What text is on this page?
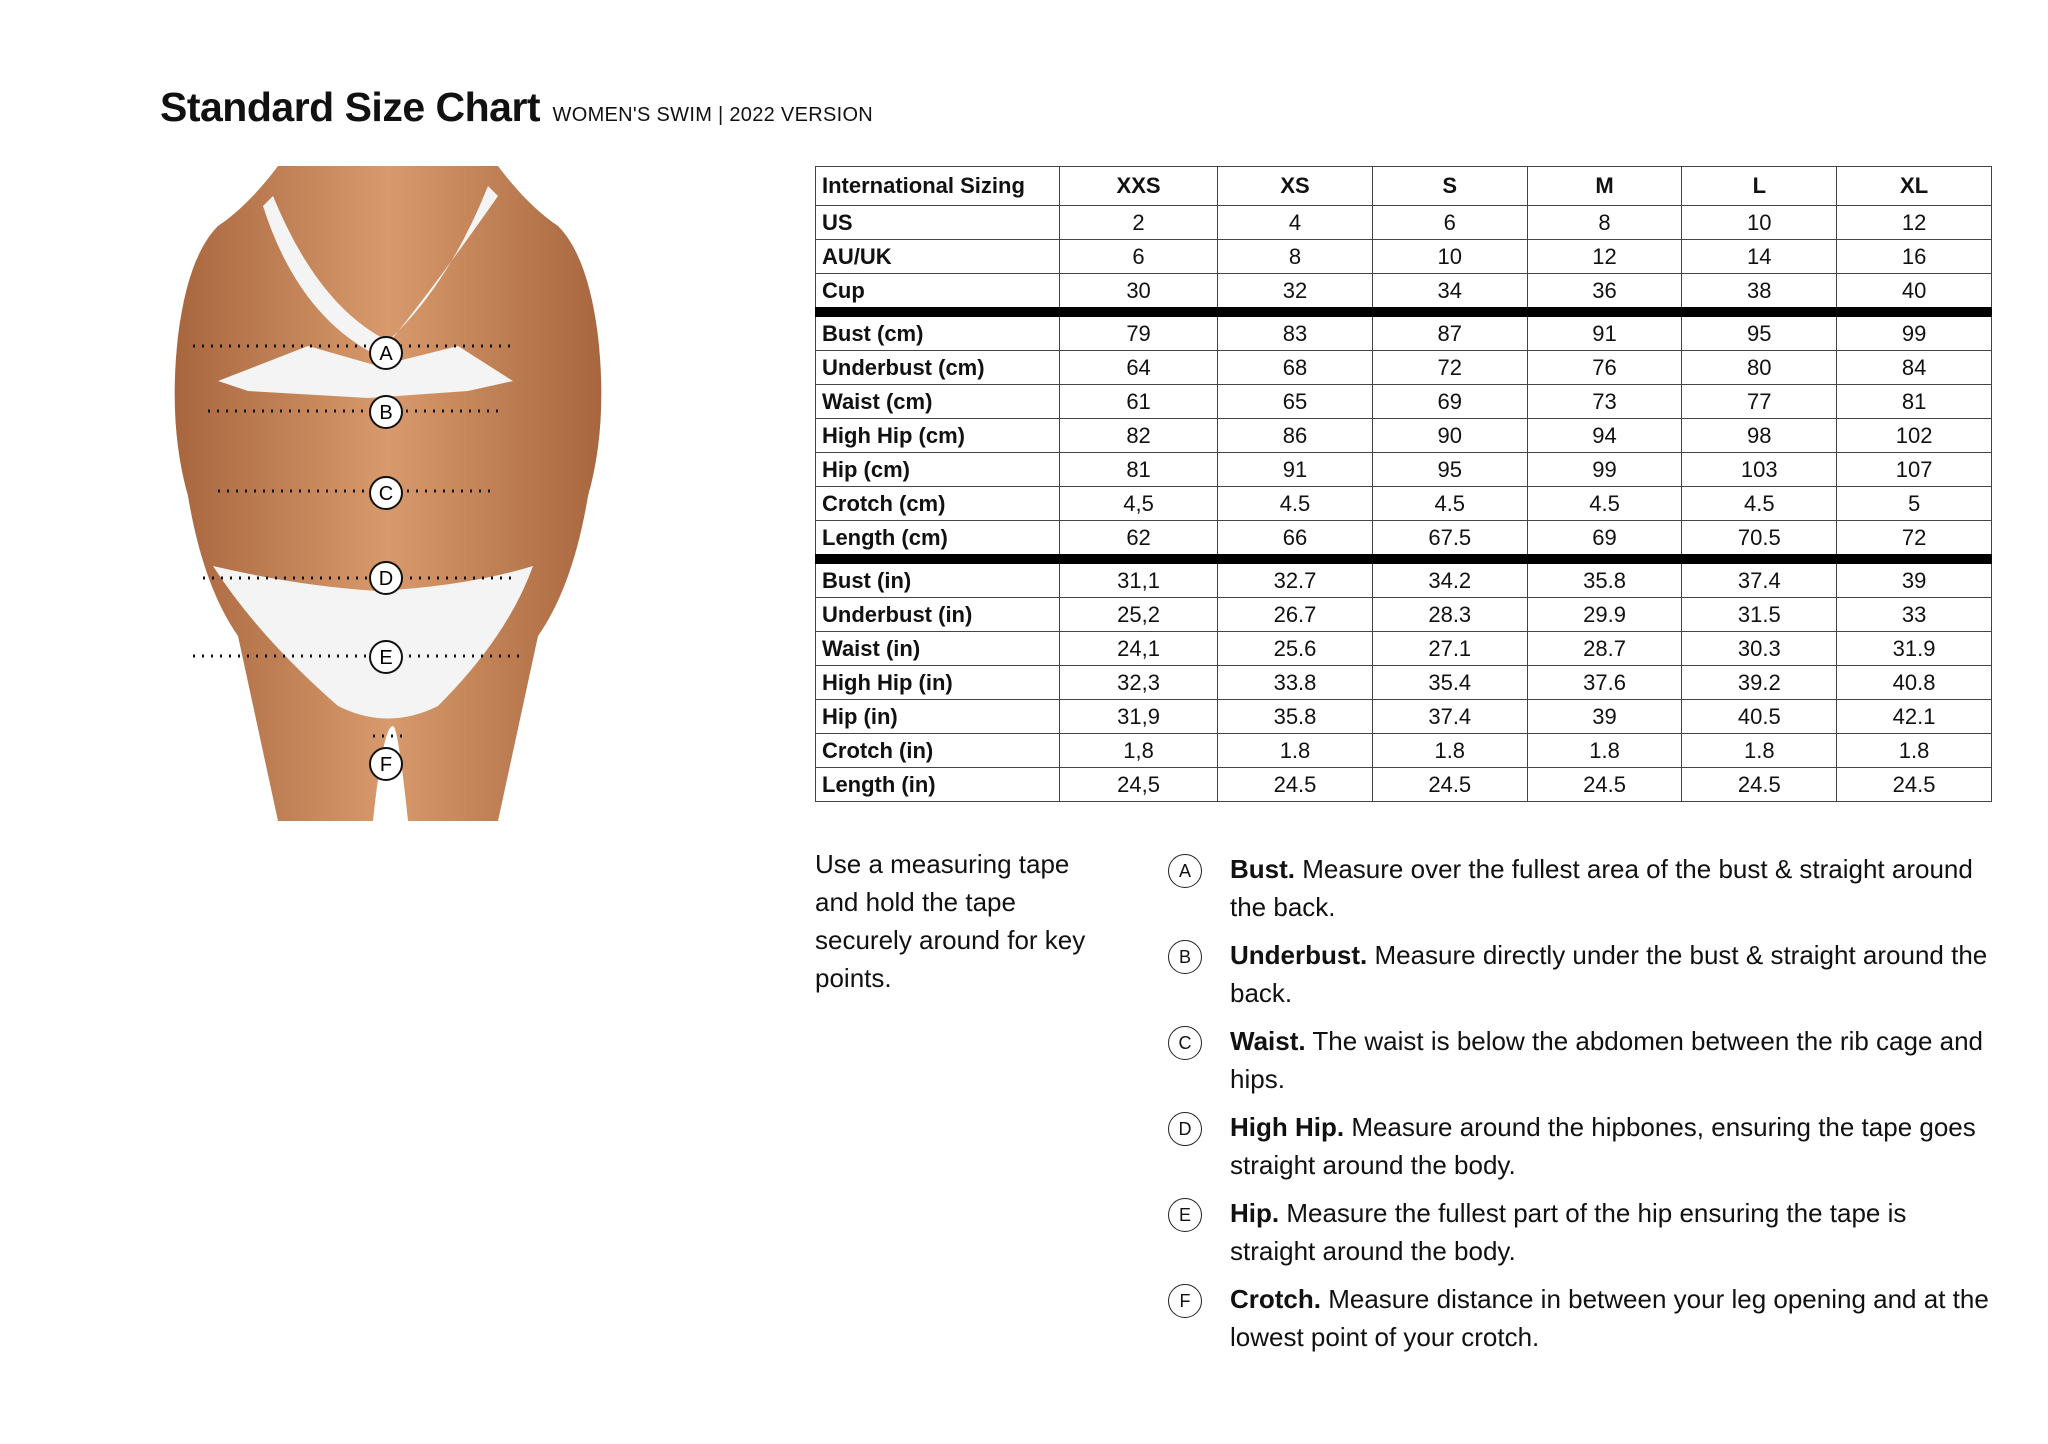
Standard Size Chart WOMEN'S SWIM | 2022 VERSION
A
B
C
D
E
F
International Sizing	XXS	XS	S	M	L	XL
US	2	4	6	8	10	12
AU/UK	6	8	10	12	14	16
Cup	30	32	34	36	38	40
Bust (cm)	79	83	87	91	95	99
Underbust (cm)	64	68	72	76	80	84
Waist (cm)	61	65	69	73	77	81
High Hip (cm)	82	86	90	94	98	102
Hip (cm)	81	91	95	99	103	107
Crotch (cm)	4,5	4.5	4.5	4.5	4.5	5
Length (cm)	62	66	67.5	69	70.5	72
Bust (in)	31,1	32.7	34.2	35.8	37.4	39
Underbust (in)	25,2	26.7	28.3	29.9	31.5	33
Waist (in)	24,1	25.6	27.1	28.7	30.3	31.9
High Hip (in)	32,3	33.8	35.4	37.6	39.2	40.8
Hip (in)	31,9	35.8	37.4	39	40.5	42.1
Crotch (in)	1,8	1.8	1.8	1.8	1.8	1.8
Length (in)	24,5	24.5	24.5	24.5	24.5	24.5
Use a measuring tape and hold the tape securely around for key points.
A	Bust. Measure over the fullest area of the bust & straight around the back.
B	Underbust. Measure directly under the bust & straight around the back.
C	Waist. The waist is below the abdomen between the rib cage and hips.
D	High Hip. Measure around the hipbones, ensuring the tape goes straight around the body.
E	Hip. Measure the fullest part of the hip ensuring the tape is straight around the body.
F	Crotch. Measure distance in between your leg opening and at the lowest point of your crotch.
